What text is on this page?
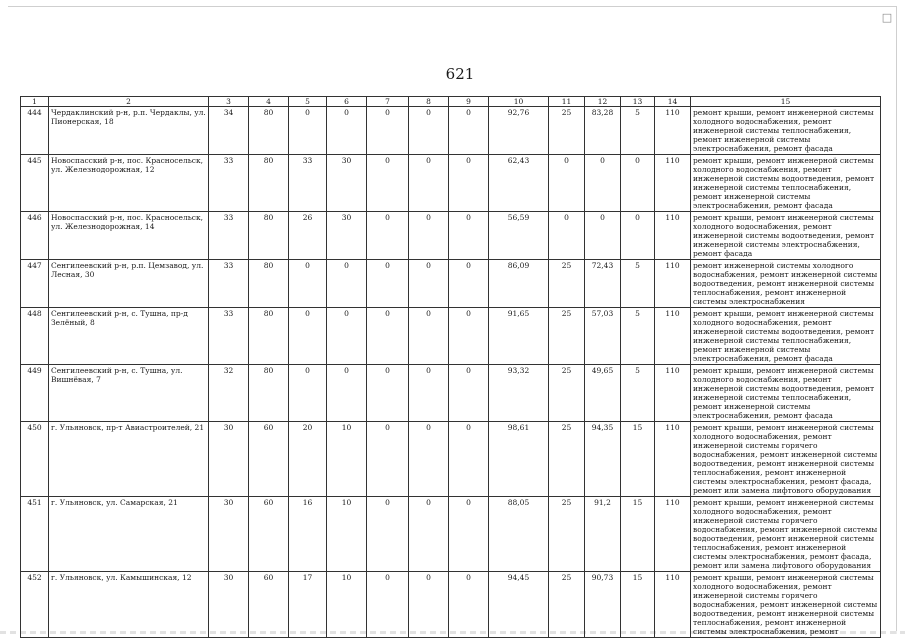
□
621
1	2	3	4	5	6	7	8	9	10	11	12	13	14	15
444	Чердаклинский р-н, р.п. Чердаклы, ул. Пионерская, 18	34	80	0	0	0	0	0	92,76	25	83,28	5	110	ремонт крыши, ремонт инженерной системы холодного водоснабжения, ремонт инженерной системы теплоснабжения, ремонт инженерной системы электроснабжения, ремонт фасада
445	Новоспасский р-н, пос. Красносельск, ул. Железнодорожная, 12	33	80	33	30	0	0	0	62,43	0	0	0	110	ремонт крыши, ремонт инженерной системы холодного водоснабжения, ремонт инженерной системы водоотведения, ремонт инженерной системы теплоснабжения, ремонт инженерной системы электроснабжения, ремонт фасада
446	Новоспасский р-н, пос. Красносельск, ул. Железнодорожная, 14	33	80	26	30	0	0	0	56,59	0	0	0	110	ремонт крыши, ремонт инженерной системы холодного водоснабжения, ремонт инженерной системы водоотведения, ремонт инженерной системы электроснабжения, ремонт фасада
447	Сенгилеевский р-н, р.п. Цемзавод, ул. Лесная, 30	33	80	0	0	0	0	0	86,09	25	72,43	5	110	ремонт инженерной системы холодного водоснабжения, ремонт инженерной системы водоотведения, ремонт инженерной системы теплоснабжения, ремонт инженерной системы электроснабжения
448	Сенгилеевский р-н, с. Тушна, пр-д Зелёный, 8	33	80	0	0	0	0	0	91,65	25	57,03	5	110	ремонт крыши, ремонт инженерной системы холодного водоснабжения, ремонт инженерной системы водоотведения, ремонт инженерной системы теплоснабжения, ремонт инженерной системы электроснабжения, ремонт фасада
449	Сенгилеевский р-н, с. Тушна, ул. Вишнёвая, 7	32	80	0	0	0	0	0	93,32	25	49,65	5	110	ремонт крыши, ремонт инженерной системы холодного водоснабжения, ремонт инженерной системы водоотведения, ремонт инженерной системы теплоснабжения, ремонт инженерной системы электроснабжения, ремонт фасада
450	г. Ульяновск, пр-т Авиастроителей, 21	30	60	20	10	0	0	0	98,61	25	94,35	15	110	ремонт крыши, ремонт инженерной системы холодного водоснабжения, ремонт инженерной системы горячего водоснабжения, ремонт инженерной системы водоотведения, ремонт инженерной системы теплоснабжения, ремонт инженерной системы электроснабжения, ремонт фасада, ремонт или замена лифтового оборудования
451	г. Ульяновск, ул. Самарская, 21	30	60	16	10	0	0	0	88,05	25	91,2	15	110	ремонт крыши, ремонт инженерной системы холодного водоснабжения, ремонт инженерной системы горячего водоснабжения, ремонт инженерной системы водоотведения, ремонт инженерной системы теплоснабжения, ремонт инженерной системы электроснабжения, ремонт фасада, ремонт или замена лифтового оборудования
452	г. Ульяновск, ул. Камышинская, 12	30	60	17	10	0	0	0	94,45	25	90,73	15	110	ремонт крыши, ремонт инженерной системы холодного водоснабжения, ремонт инженерной системы горячего водоснабжения, ремонт инженерной системы водоотведения, ремонт инженерной системы теплоснабжения, ремонт инженерной системы электроснабжения, ремонт
